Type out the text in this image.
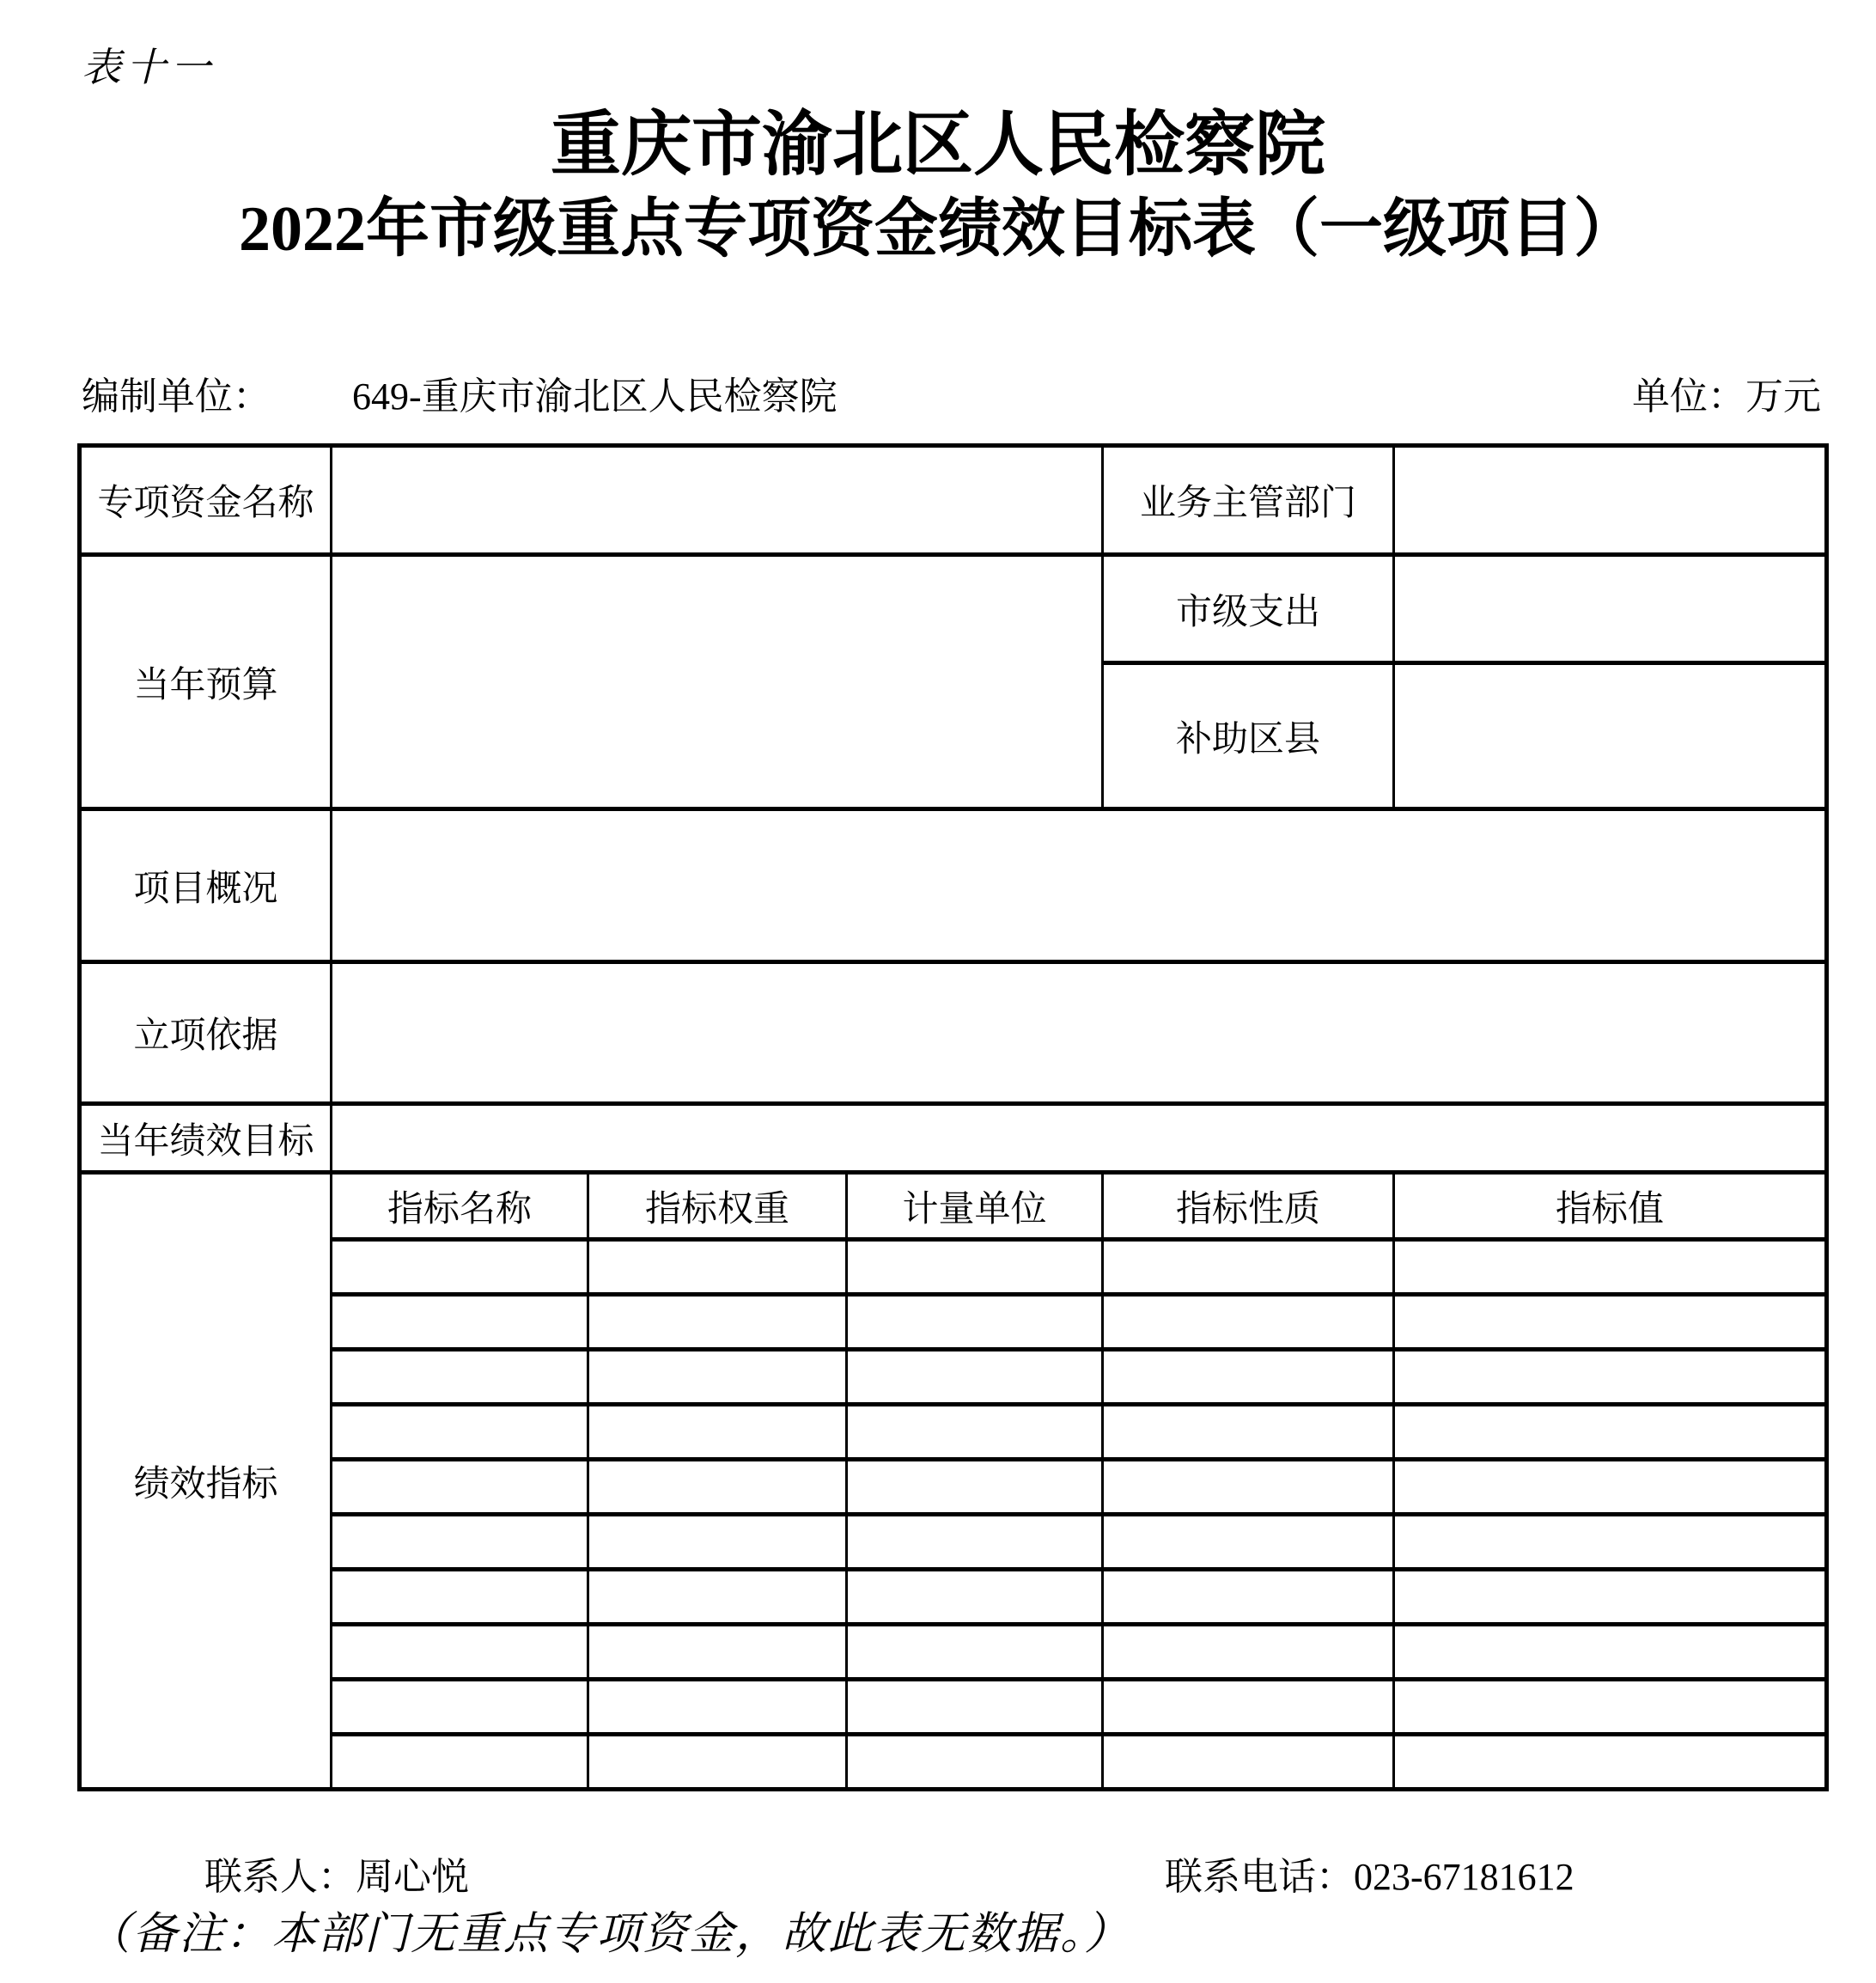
表十一
重庆市渝北区人民检察院
2022年市级重点专项资金绩效目标表（一级项目）
编制单位： 649-重庆市渝北区人民检察院	单位：万元
专项资金名称				业务主管部门	
当年预算				市级支出	
				补助区县	
项目概况					
立项依据					
当年绩效目标					
绩效指标	指标名称	指标权重	计量单位	指标性质	指标值

联系人：周心悦	联系电话：023-67181612
（备注：本部门无重点专项资金，故此表无数据。）
